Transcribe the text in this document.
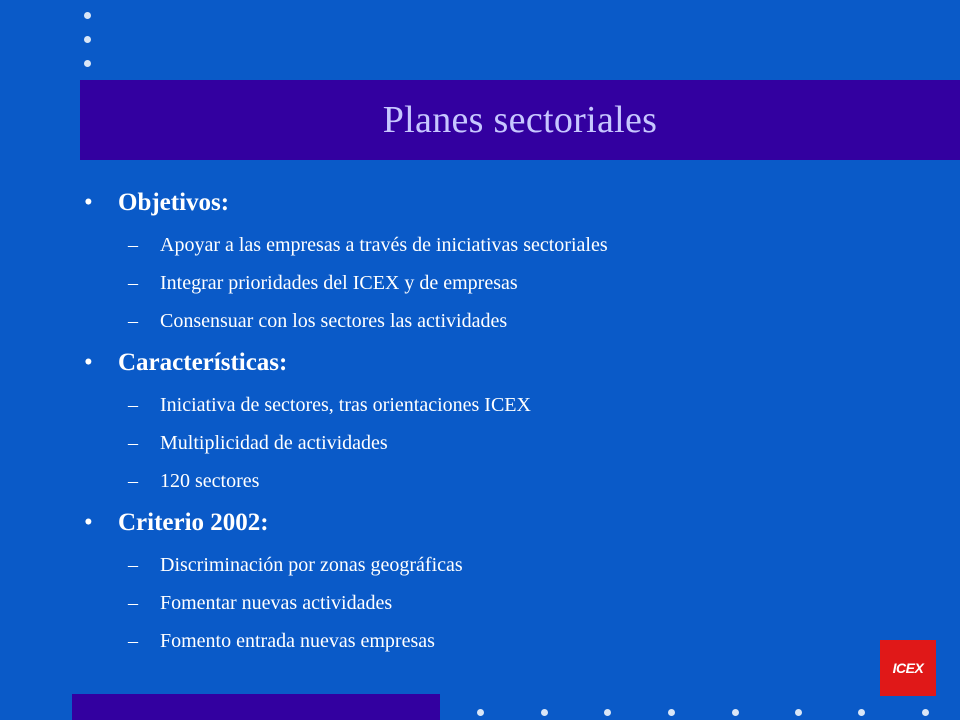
Planes sectoriales
•	Objetivos:
–	Apoyar a las empresas a través de iniciativas sectoriales
–	Integrar prioridades del ICEX y de empresas
–	Consensuar con los sectores las actividades
•	Características:
–	Iniciativa de sectores, tras orientaciones ICEX
–	Multiplicidad de actividades
–	120 sectores
•	Criterio 2002:
–	Discriminación por zonas geográficas
–	Fomentar nuevas actividades
–	Fomento entrada nuevas empresas
ICEX
